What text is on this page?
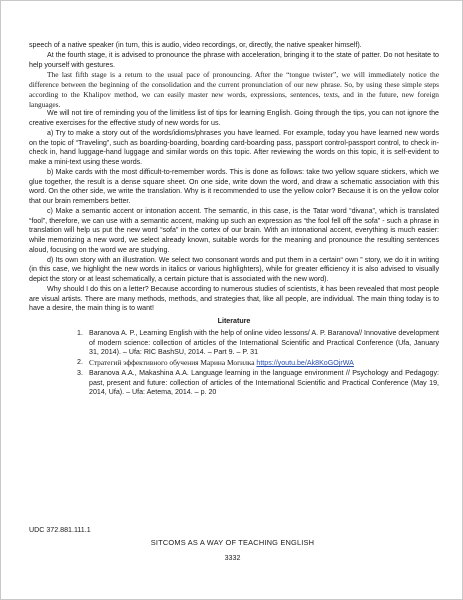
speech of a native speaker (in turn, this is audio, video recordings, or, directly, the native speaker himself).

At the fourth stage, it is advised to pronounce the phrase with acceleration, bringing it to the state of patter. Do not hesitate to help yourself with gestures.

The last fifth stage is a return to the usual pace of pronouncing. After the “tongue twister”, we will immediately notice the difference between the beginning of the consolidation and the current pronunciation of our new phrase. So, by using these simple steps according to the Khalipov method, we can easily master new words, expressions, sentences, texts, and in the future, new foreign languages.

We will not tire of reminding you of the limitless list of tips for learning English. Going through the tips, you can not ignore the creative exercises for the effective study of new words for us.

a) Try to make a story out of the words/idioms/phrases you have learned. For example, today you have learned new words on the topic of “Traveling”, such as boarding-boarding, boarding card-boarding pass, passport control-passport control, to check in-check in, hand luggage-hand luggage and similar words on this topic. After reviewing the words on this topic, it is self-evident to make a mini-text using these words.

b) Make cards with the most difficult-to-remember words. This is done as follows: take two yellow square stickers, which we glue together, the result is a dense square sheet. On one side, write down the word, and draw a schematic association with this word. On the other side, we write the translation. Why is it recommended to use the yellow color? Because it is on the yellow color that our brain remembers better.

c) Make a semantic accent or intonation accent. The semantic, in this case, is the Tatar word “divana”, which is translated “fool”, therefore, we can use with a semantic accent, making up such an expression as “the fool fell off the sofa” - such a phrase in translation will help us put the new word “sofa” in the cortex of our brain. With an intonational accent, everything is much easier: while memorizing a new word, we select already known, suitable words for the meaning and pronounce the resulting sentences aloud, focusing on the word we are studying.

d) Its own story with an illustration. We select two consonant words and put them in a certain“ own ” story, we do it in writing (in this case, we highlight the new words in italics or various highlighters), while for greater efficiency it is also advised to visually depict the story or at least schematically, a certain picture that is associated with the new word).

Why should I do this on a letter? Because according to numerous studies of scientists, it has been revealed that most people are visual artists. There are many methods, methods, and strategies that, like all people, are individual. The main thing today is to have a desire, the main thing is to want!

Literature

1. Baranova A. P., Learning English with the help of online video lessons/ A. P. Baranova// Innovative development of modern science: collection of articles of the International Scientific and Practical Conference (Ufa, January 31, 2014). – Ufa: RIC BashSU, 2014. – Part 9. – P. 31
2. Стратегий эффективного обучения Марина Могилка https://youtu.be/Ak8KoGOjrWA
3. Baranova A.A., Makashina A.A. Language learning in the language environment // Psychology and Pedagogy: past, present and future: collection of articles of the International Scientific and Practical Conference (May 19, 2014, Ufa). – Ufa: Aetema, 2014. – p. 20
UDC 372.881.111.1
SITCOMS AS A WAY OF TEACHING ENGLISH
3332
